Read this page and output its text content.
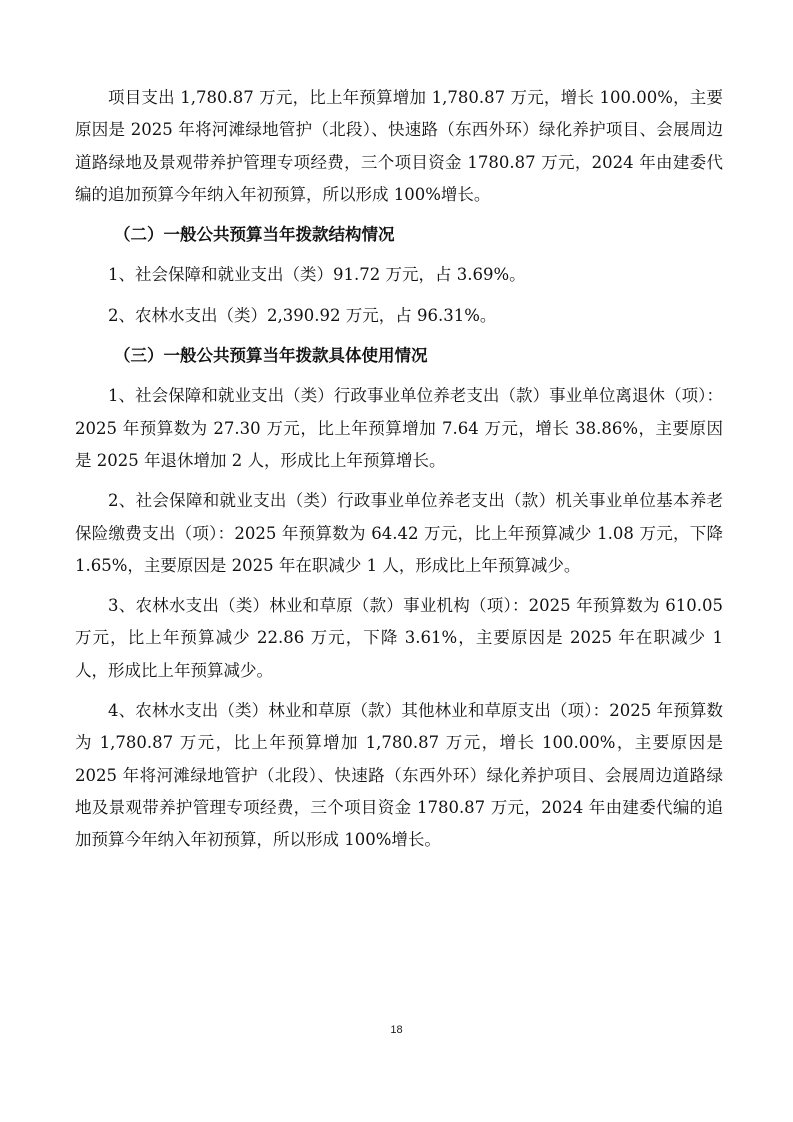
项目支出 1,780.87 万元，比上年预算增加 1,780.87 万元，增长 100.00%，主要原因是 2025 年将河滩绿地管护（北段）、快速路（东西外环）绿化养护项目、会展周边道路绿地及景观带养护管理专项经费，三个项目资金 1780.87 万元，2024 年由建委代编的追加预算今年纳入年初预算，所以形成 100%增长。

（二）一般公共预算当年拨款结构情况

1、社会保障和就业支出（类）91.72 万元，占 3.69%。

2、农林水支出（类）2,390.92 万元，占 96.31%。

（三）一般公共预算当年拨款具体使用情况

1、社会保障和就业支出（类）行政事业单位养老支出（款）事业单位离退休（项）：2025 年预算数为 27.30 万元，比上年预算增加 7.64 万元，增长 38.86%，主要原因是 2025 年退休增加 2 人，形成比上年预算增长。

2、社会保障和就业支出（类）行政事业单位养老支出（款）机关事业单位基本养老保险缴费支出（项）：2025 年预算数为 64.42 万元，比上年预算减少 1.08 万元，下降 1.65%，主要原因是 2025 年在职减少 1 人，形成比上年预算减少。

3、农林水支出（类）林业和草原（款）事业机构（项）：2025 年预算数为 610.05 万元，比上年预算减少 22.86 万元，下降 3.61%，主要原因是 2025 年在职减少 1 人，形成比上年预算减少。

4、农林水支出（类）林业和草原（款）其他林业和草原支出（项）：2025 年预算数为 1,780.87 万元，比上年预算增加 1,780.87 万元，增长 100.00%，主要原因是 2025 年将河滩绿地管护（北段）、快速路（东西外环）绿化养护项目、会展周边道路绿地及景观带养护管理专项经费，三个项目资金 1780.87 万元，2024 年由建委代编的追加预算今年纳入年初预算，所以形成 100%增长。

18
